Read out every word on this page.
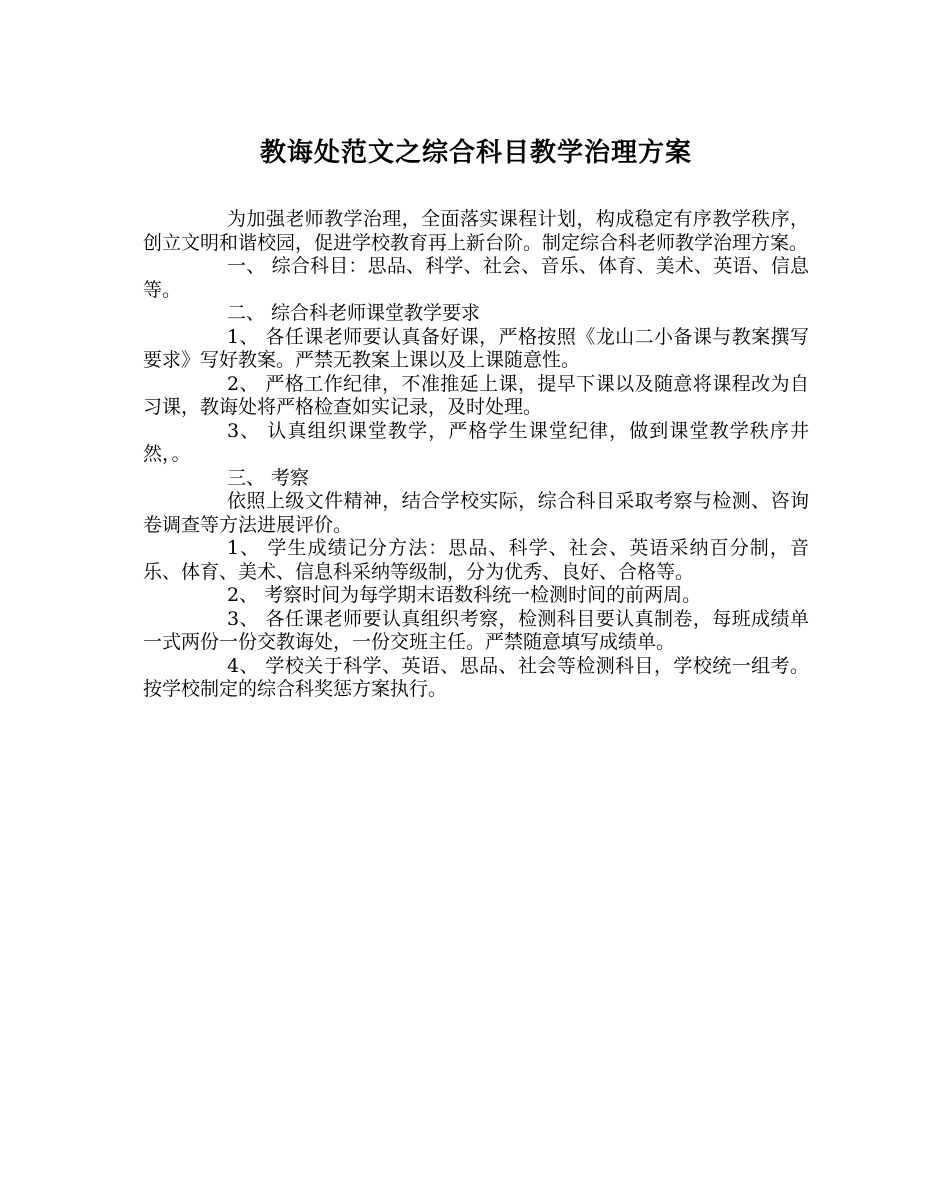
教诲处范文之综合科目教学治理方案

为加强老师教学治理，全面落实课程计划，构成稳定有序教学秩序，创立文明和谐校园，促进学校教育再上新台阶。制定综合科老师教学治理方案。

一、 综合科目：思品、科学、社会、音乐、体育、美术、英语、信息等。

二、 综合科老师课堂教学要求

1、 各任课老师要认真备好课，严格按照《龙山二小备课与教案撰写要求》写好教案。严禁无教案上课以及上课随意性。

2、 严格工作纪律，不准推延上课，提早下课以及随意将课程改为自习课，教诲处将严格检查如实记录，及时处理。

3、 认真组织课堂教学，严格学生课堂纪律，做到课堂教学秩序井然，。

三、 考察

依照上级文件精神，结合学校实际，综合科目采取考察与检测、咨询卷调查等方法进展评价。

1、 学生成绩记分方法：思品、科学、社会、英语采纳百分制，音乐、体育、美术、信息科采纳等级制，分为优秀、良好、合格等。

2、 考察时间为每学期末语数科统一检测时间的前两周。

3、 各任课老师要认真组织考察，检测科目要认真制卷，每班成绩单一式两份一份交教诲处，一份交班主任。严禁随意填写成绩单。

4、 学校关于科学、英语、思品、社会等检测科目，学校统一组考。按学校制定的综合科奖惩方案执行。
